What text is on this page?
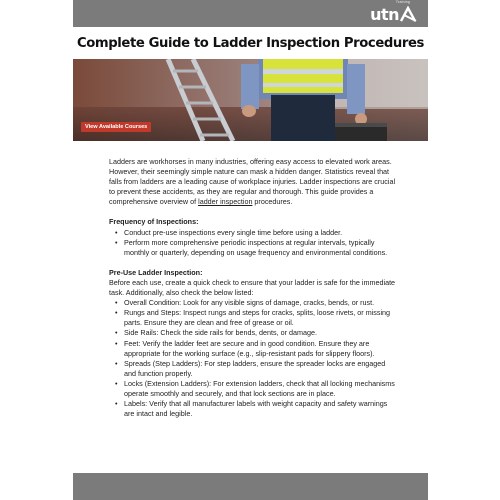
Training
utn
Complete Guide to Ladder Inspection Procedures
View Available Courses

Ladders are workhorses in many industries, offering easy access to elevated work areas. However, their seemingly simple nature can mask a hidden danger. Statistics reveal that falls from ladders are a leading cause of workplace injuries. Ladder inspections are crucial to prevent these accidents, as they are regular and thorough. This guide provides a comprehensive overview of ladder inspection procedures.

Frequency of Inspections:

• Conduct pre-use inspections every single time before using a ladder.
• Perform more comprehensive periodic inspections at regular intervals, typically monthly or quarterly, depending on usage frequency and environmental conditions.

Pre-Use Ladder Inspection:

Before each use, create a quick check to ensure that your ladder is safe for the immediate task. Additionally, also check the below listed:

• Overall Condition: Look for any visible signs of damage, cracks, bends, or rust.
• Rungs and Steps: Inspect rungs and steps for cracks, splits, loose rivets, or missing parts. Ensure they are clean and free of grease or oil.
• Side Rails: Check the side rails for bends, dents, or damage.
• Feet: Verify the ladder feet are secure and in good condition. Ensure they are appropriate for the working surface (e.g., slip-resistant pads for slippery floors).
• Spreads (Step Ladders): For step ladders, ensure the spreader locks are engaged and function properly.
• Locks (Extension Ladders): For extension ladders, check that all locking mechanisms operate smoothly and securely, and that lock sections are in place.
• Labels: Verify that all manufacturer labels with weight capacity and safety warnings are intact and legible.
